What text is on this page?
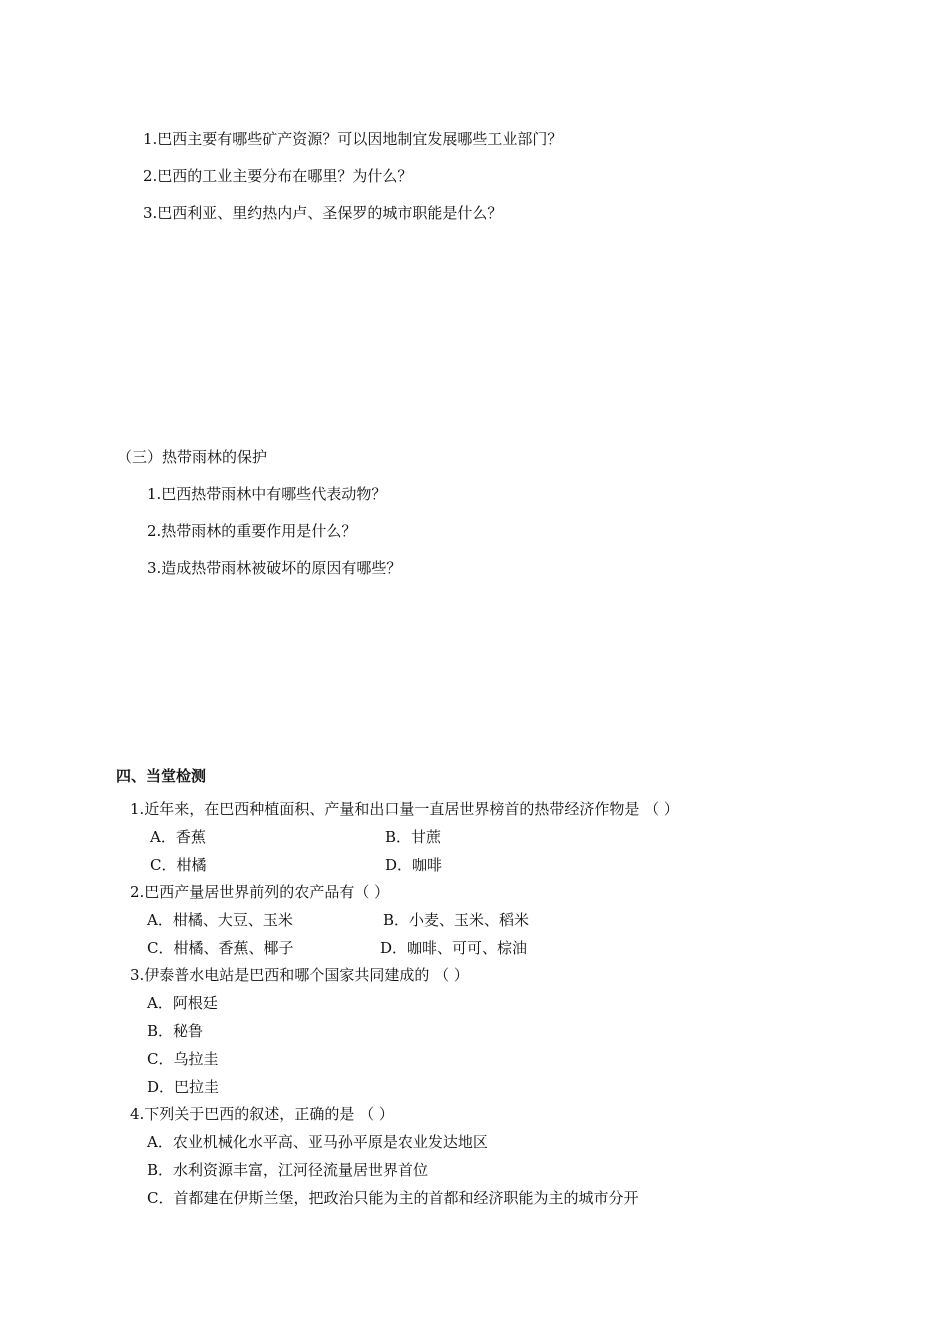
1.巴西主要有哪些矿产资源？可以因地制宜发展哪些工业部门？
2.巴西的工业主要分布在哪里？为什么？
3.巴西利亚、里约热内卢、圣保罗的城市职能是什么？
（三）热带雨林的保护
1.巴西热带雨林中有哪些代表动物？
2.热带雨林的重要作用是什么？
3.造成热带雨林被破坏的原因有哪些？
四、当堂检测
1.近年来，在巴西种植面积、产量和出口量一直居世界榜首的热带经济作物是 （ ）
A．香蕉	B．甘蔗
C．柑橘	D．咖啡
2.巴西产量居世界前列的农产品有（ ）
A．柑橘、大豆、玉米	B．小麦、玉米、稻米
C．柑橘、香蕉、椰子	D．咖啡、可可、棕油
3.伊泰普水电站是巴西和哪个国家共同建成的 （ ）
A．阿根廷
B．秘鲁
C．乌拉圭
D．巴拉圭
4.下列关于巴西的叙述，正确的是 （ ）
A．农业机械化水平高、亚马孙平原是农业发达地区
B．水利资源丰富，江河径流量居世界首位
C．首都建在伊斯兰堡，把政治只能为主的首都和经济职能为主的城市分开
